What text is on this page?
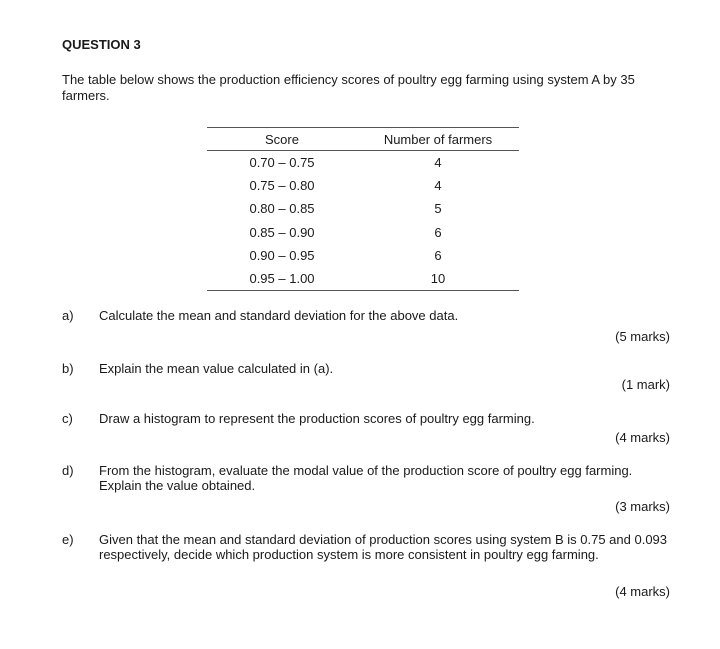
QUESTION 3
The table below shows the production efficiency scores of poultry egg farming using system A by 35 farmers.
Score	Number of farmers
0.70 – 0.75	4
0.75 – 0.80	4
0.80 – 0.85	5
0.85 – 0.90	6
0.90 – 0.95	6
0.95 – 1.00	10
a) Calculate the mean and standard deviation for the above data.
(5 marks)
b) Explain the mean value calculated in (a).
(1 mark)
c) Draw a histogram to represent the production scores of poultry egg farming.
(4 marks)
d) From the histogram, evaluate the modal value of the production score of poultry egg farming. Explain the value obtained.
(3 marks)
e) Given that the mean and standard deviation of production scores using system B is 0.75 and 0.093 respectively, decide which production system is more consistent in poultry egg farming.
(4 marks)
